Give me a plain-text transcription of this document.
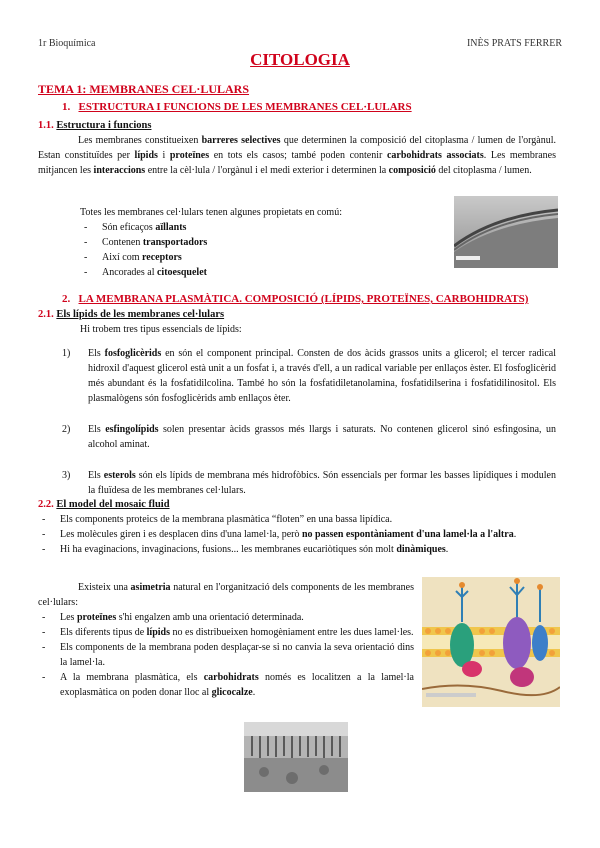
1r Bioquímica	INÈS PRATS FERRER
CITOLOGIA
TEMA 1: MEMBRANES CEL·LULARS
1. ESTRUCTURA I FUNCIONS DE LES MEMBRANES CEL·LULARS
1.1. Estructura i funcions

Les membranes constitueixen barreres selectives que determinen la composició del citoplasma / lumen de l'orgànul. Estan constituïdes per lípids i proteïnes en tots els casos; també poden contenir carbohidrats associats. Les membranes mitjancen les interaccions entre la cèl·lula / l'orgànul i el medi exterior i determinen la composició del citoplasma / lumen.

Totes les membranes cel·lulars tenen algunes propietats en comú:
- Són eficaços aïllants
- Contenen transportadors
- Així com receptors
- Ancorades al citoesquelet
2. LA MEMBRANA PLASMÀTICA. COMPOSICIÓ (LÍPIDS, PROTEÏNES, CARBOHIDRATS)
2.1. Els lípids de les membranes cel·lulars
Hi trobem tres tipus essencials de lípids:
1) Els fosfoglicèrids en són el component principal. Consten de dos àcids grassos units a glicerol; el tercer radical hidroxil d'aquest glicerol està unit a un fosfat i, a través d'ell, a un radical variable per enllaços èster. El fosfoglicèrid més abundant és la fosfatidilcolina. També ho són la fosfatidiletanolamina, fosfatidilserina i fosfatidilinositol. Els plasmalògens són fosfoglicèrids amb enllaços èter.
2) Els esfingolípids solen presentar àcids grassos més llargs i saturats. No contenen glicerol sinó esfingosina, un alcohol aminat.
3) Els esterols són els lípids de membrana més hidrofòbics. Són essencials per formar les basses lipídiques i modulen la fluïdesa de les membranes cel·lulars.
2.2. El model del mosaic fluid
- Els components proteics de la membrana plasmàtica “floten” en una bassa lipídica.
- Les molècules giren i es desplacen dins d'una lamel·la, però no passen espontàniament d'una lamel·la a l'altra.
- Hi ha evaginacions, invaginacions, fusions... les membranes eucariòtiques són molt dinàmiques.

Existeix una asimetria natural en l'organització dels components de les membranes cel·lulars:

- Les proteïnes s'hi engalzen amb una orientació determinada.
- Els diferents tipus de lípids no es distribueixen homogèniament entre les dues lamel·les.
- Els components de la membrana poden desplaçar-se si no canvia la seva orientació dins la lamel·la.
- A la membrana plasmàtica, els carbohidrats només es localitzen a la lamel·la exoplasmàtica on poden donar lloc al glicocalze.
